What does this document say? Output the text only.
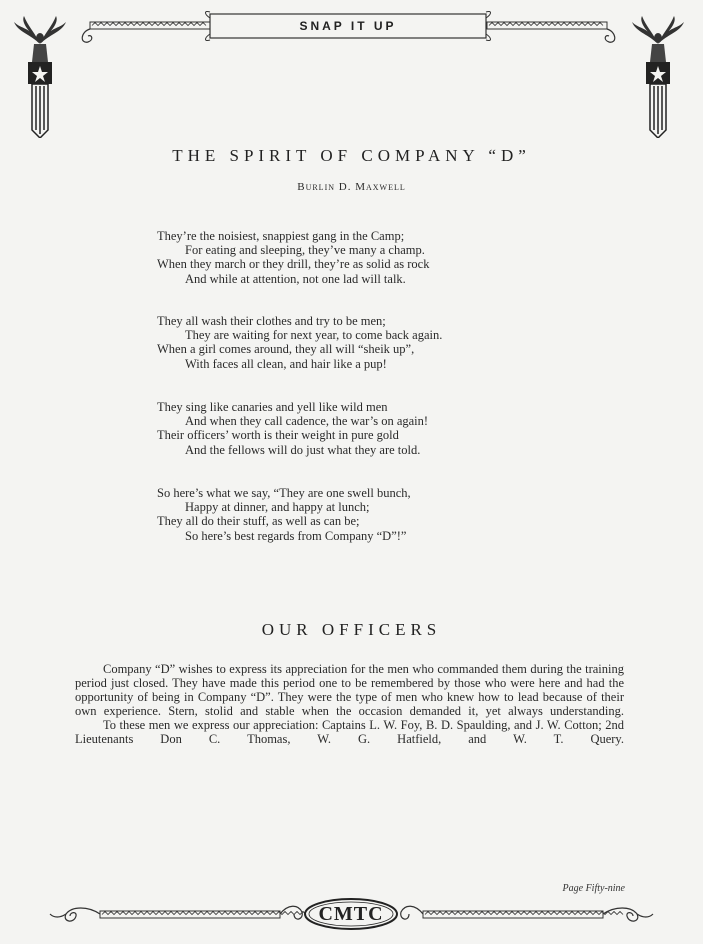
SNAP IT UP
THE SPIRIT OF COMPANY “D”
Burlin D. Maxwell
They’re the noisiest, snappiest gang in the Camp;
For eating and sleeping, they’ve many a champ.
When they march or they drill, they’re as solid as rock
And while at attention, not one lad will talk.
They all wash their clothes and try to be men;
They are waiting for next year, to come back again.
When a girl comes around, they all will “sheik up”,
With faces all clean, and hair like a pup!
They sing like canaries and yell like wild men
And when they call cadence, the war’s on again!
Their officers’ worth is their weight in pure gold
And the fellows will do just what they are told.
So here’s what we say, “They are one swell bunch,
Happy at dinner, and happy at lunch;
They all do their stuff, as well as can be;
So here’s best regards from Company “D”!”
OUR OFFICERS

Company “D” wishes to express its appreciation for the men who commanded them during the training period just closed. They have made this period one to be remembered by those who were here and had the opportunity of being in Company “D”. They were the type of men who knew how to lead because of their own experience. Stern, stolid and stable when the occasion demanded it, yet always understanding.

To these men we express our appreciation: Captains L. W. Foy, B. D. Spaulding, and J. W. Cotton; 2nd Lieutenants Don C. Thomas, W. G. Hatfield, and W. T. Query.

Page Fifty-nine
CMTC
